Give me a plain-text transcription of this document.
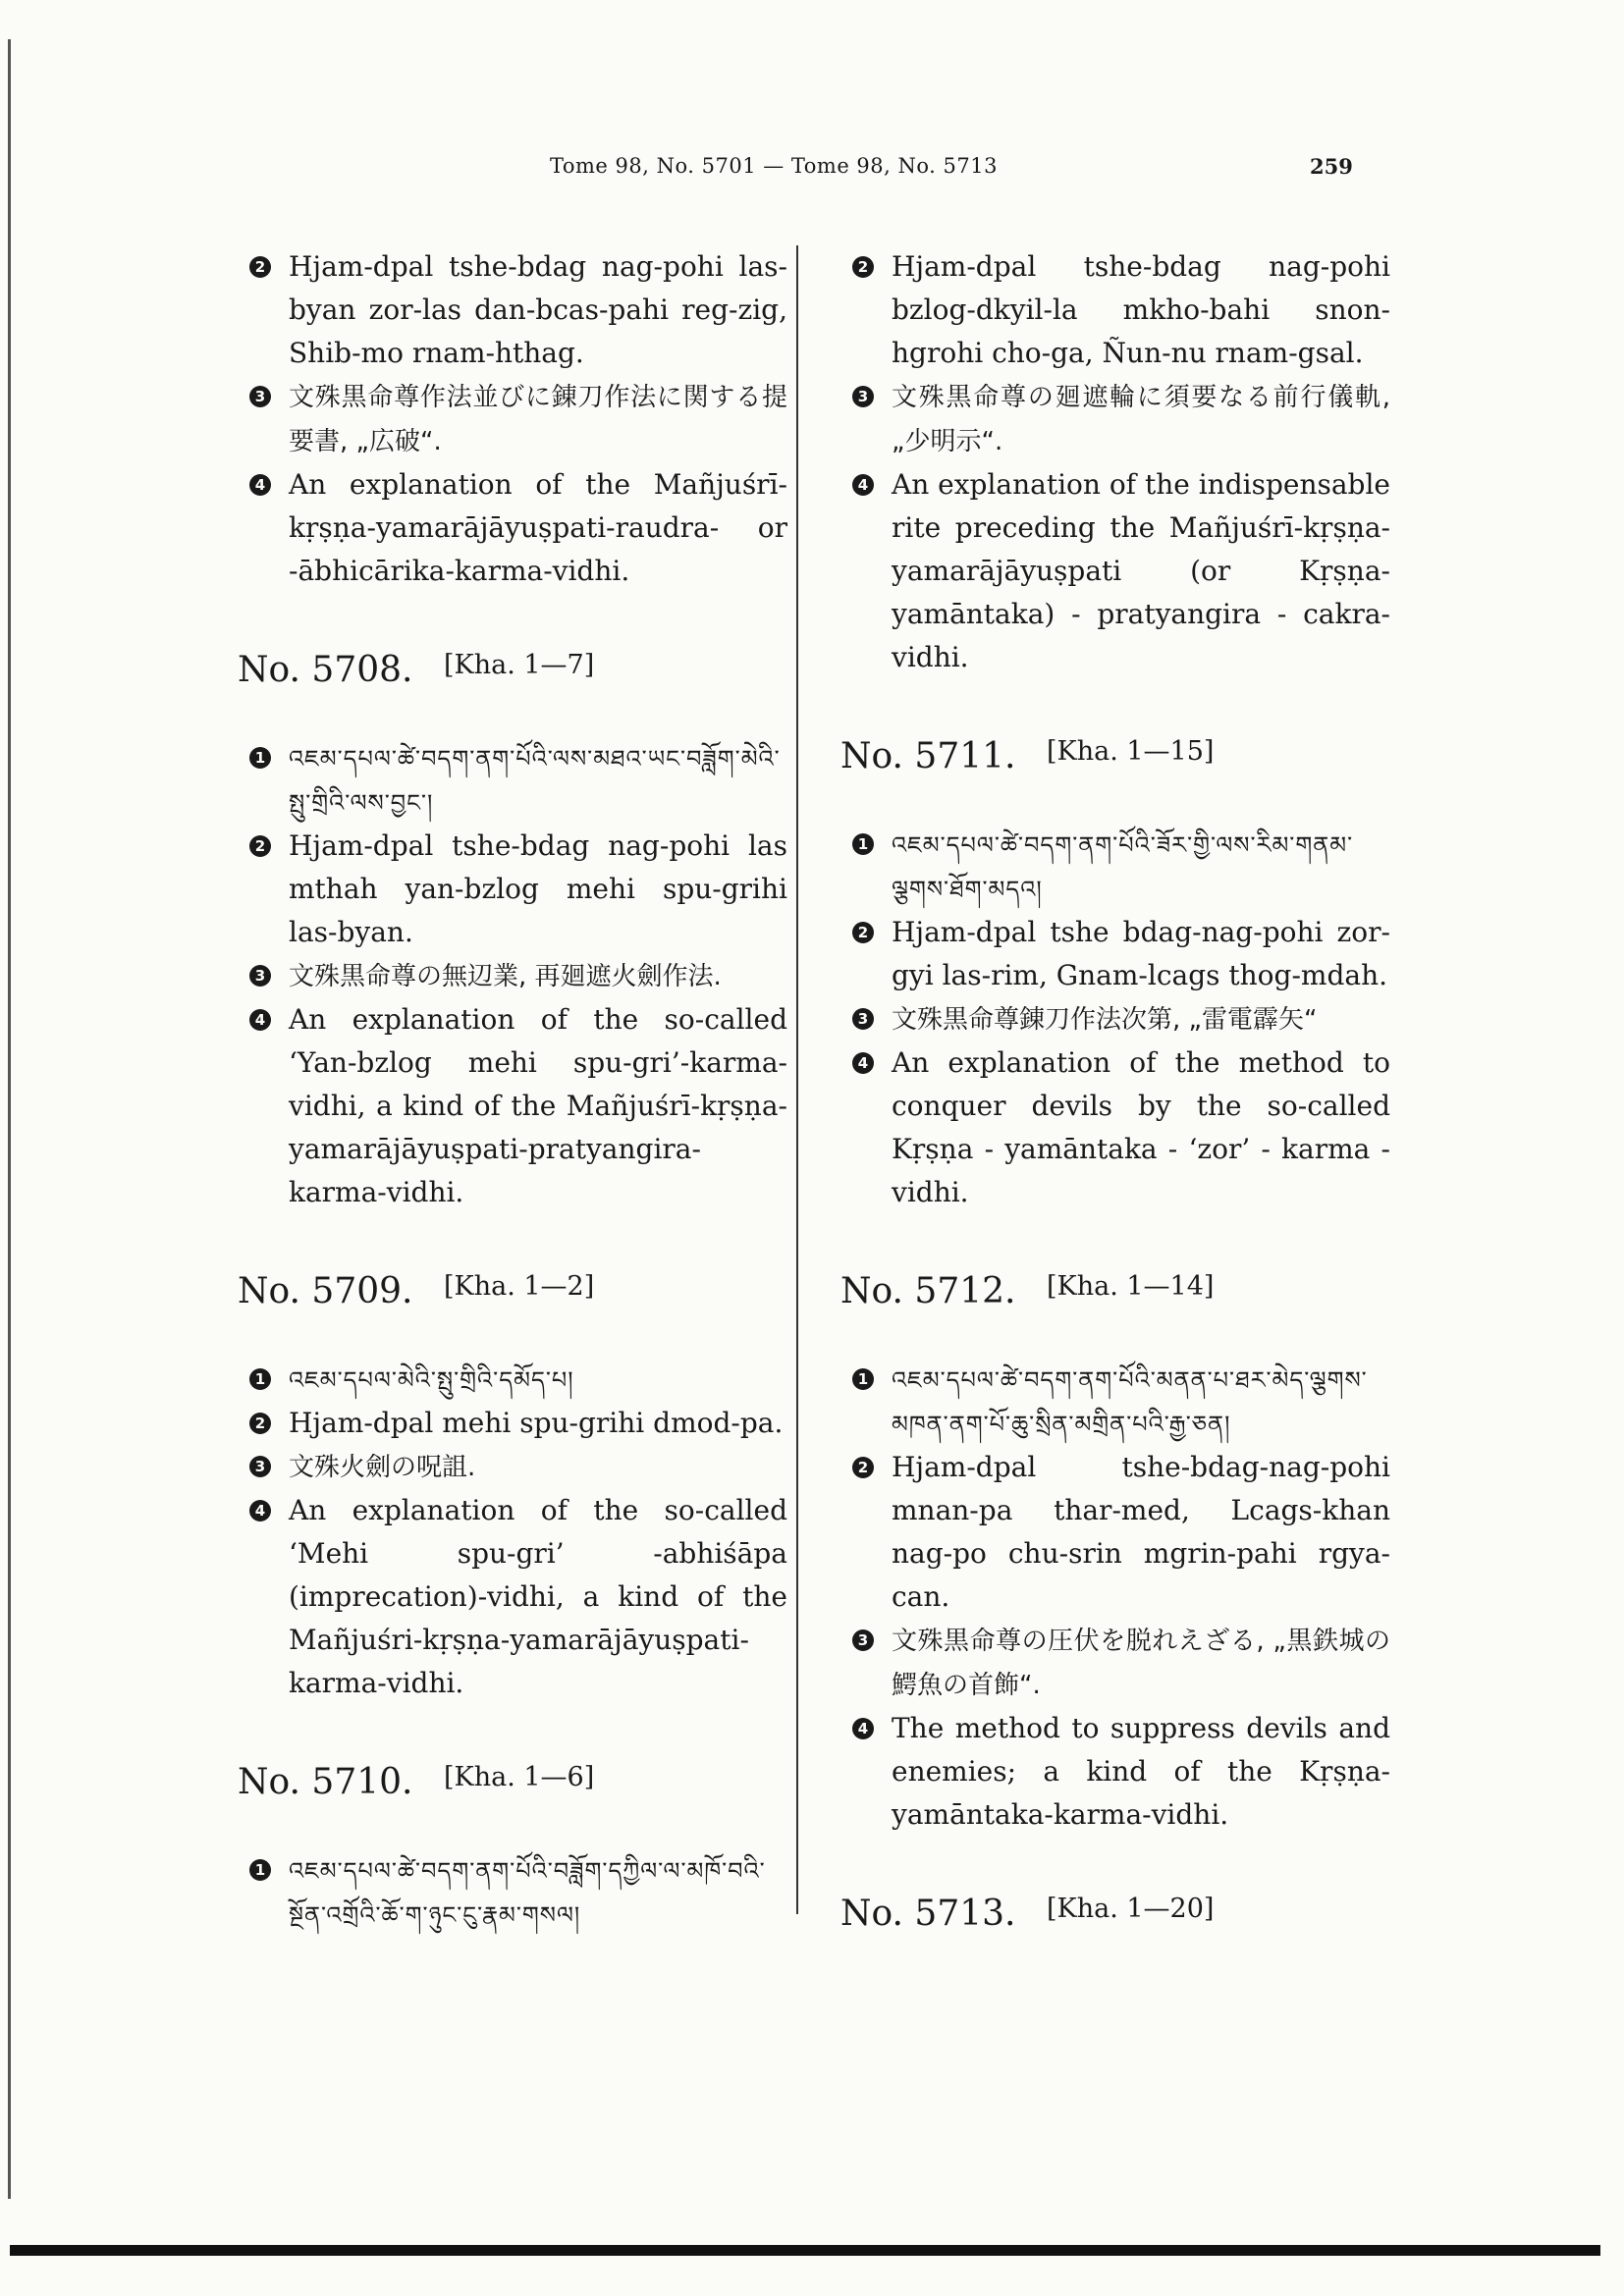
Tome 98, No. 5701 — Tome 98, No. 5713	259
2 Hjam-dpal tshe-bdag nag-pohi las-byan zor-las dan-bcas-pahi reg-zig, Shib-mo rnam-hthag.
3 文殊黒命尊作法並びに錬刀作法に関する提要書, „広破“.
4 An explanation of the Mañjuśrī-kṛṣṇa-yamarājāyuṣpati-raudra- or -ābhicārika-karma-vidhi.
No. 5708. [Kha. 1—7]
1 འཇམ་དཔལ་ཚེ་བདག་ནག་པོའི་ལས་མཐའ་ཡང་བཟློག་མེའི་སྤུ་གྲིའི་ལས་བྱང་།
2 Hjam-dpal tshe-bdag nag-pohi las mthah yan-bzlog mehi spu-grihi las-byan.
3 文殊黒命尊の無辺業, 再廻遮火劍作法.
4 An explanation of the so-called ‘Yan-bzlog mehi spu-gri’-karma-vidhi, a kind of the Mañjuśrī-kṛṣṇa-yamarājāyuṣpati-pratyangira-karma-vidhi.
No. 5709. [Kha. 1—2]
1 འཇམ་དཔལ་མེའི་སྤུ་གྲིའི་དམོད་པ།
2 Hjam-dpal mehi spu-grihi dmod-pa.
3 文殊火劍の呪詛.
4 An explanation of the so-called ‘Mehi spu-gri’ -abhiśāpa (imprecation)-vidhi, a kind of the Mañjuśri-kṛṣṇa-yamarājāyuṣpati-karma-vidhi.
No. 5710. [Kha. 1—6]
1 འཇམ་དཔལ་ཚེ་བདག་ནག་པོའི་བཟློག་དཀྱིལ་ལ་མཁོ་བའི་སྔོན་འགྲོའི་ཆོ་ག་ཉུང་ངུ་རྣམ་གསལ།
2 Hjam-dpal tshe-bdag nag-pohi bzlog-dkyil-la mkho-bahi snon-hgrohi cho-ga, Ñun-nu rnam-gsal.
3 文殊黒命尊の廻遮輪に須要なる前行儀軌, „少明示“.
4 An explanation of the indispensable rite preceding the Mañjuśrī-kṛṣṇa-yamarājāyuṣpati (or Kṛṣṇa-yamāntaka) - pratyangira - cakra-vidhi.
No. 5711. [Kha. 1—15]
1 འཇམ་དཔལ་ཚེ་བདག་ནག་པོའི་ཟོར་གྱི་ལས་རིམ་གནམ་ལྕགས་ཐོག་མདའ།
2 Hjam-dpal tshe bdag-nag-pohi zor-gyi las-rim, Gnam-lcags thog-mdah.
3 文殊黒命尊錬刀作法次第, „雷電霹矢“
4 An explanation of the method to conquer devils by the so-called Kṛṣṇa - yamāntaka - ‘zor’ - karma - vidhi.
No. 5712. [Kha. 1—14]
1 འཇམ་དཔལ་ཚེ་བདག་ནག་པོའི་མནན་པ་ཐར་མེད་ལྕགས་མཁན་ནག་པོ་ཆུ་སྲིན་མགྲིན་པའི་རྒྱ་ཅན།
2 Hjam-dpal tshe-bdag-nag-pohi mnan-pa thar-med, Lcags-khan nag-po chu-srin mgrin-pahi rgya-can.
3 文殊黒命尊の圧伏を脱れえざる, „黒鉄城の鰐魚の首飾“.
4 The method to suppress devils and enemies; a kind of the Kṛṣṇa-yamāntaka-karma-vidhi.
No. 5713. [Kha. 1—20]
